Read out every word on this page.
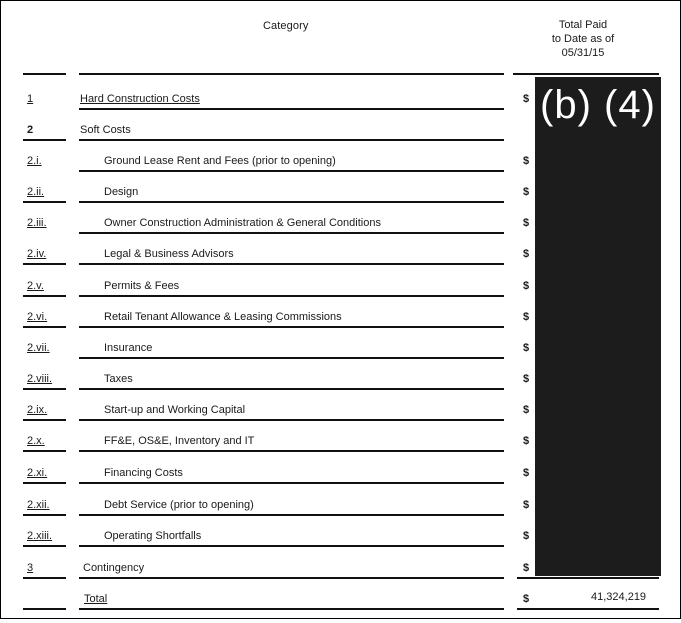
Category	Total Paid
to Date as of
05/31/15
1	Hard Construction Costs	$
2	Soft Costs
2.i.	Ground Lease Rent and Fees (prior to opening)	$
2.ii.	Design	$
2.iii.	Owner Construction Administration & General Conditions	$
2.iv.	Legal & Business Advisors	$
2.v.	Permits & Fees	$
2.vi.	Retail Tenant Allowance & Leasing Commissions	$
2.vii.	Insurance	$
2.viii.	Taxes	$
2.ix.	Start-up and Working Capital	$
2.x.	FF&E, OS&E, Inventory and IT	$
2.xi.	Financing Costs	$
2.xii.	Debt Service (prior to opening)	$
2.xiii.	Operating Shortfalls	$
3	Contingency	$
Total	$	41,324,219
(b) (4)
